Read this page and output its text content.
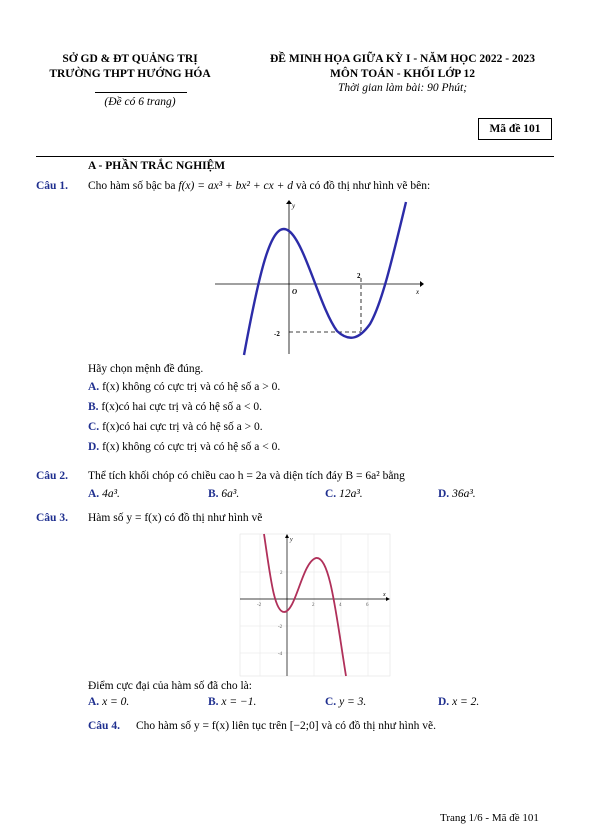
SỞ GD & ĐT QUẢNG TRỊ
TRƯỜNG THPT HƯỚNG HÓA
(Đề có 6 trang)
ĐỀ MINH HỌA GIỮA KỲ I - NĂM HỌC 2022 - 2023
MÔN TOÁN - KHỐI LỚP 12
Thời gian làm bài: 90 Phút;
Mã đề 101
A - PHẦN TRẮC NGHIỆM
Câu 1. Cho hàm số bậc ba f(x) = ax³ + bx² + cx + d và có đồ thị như hình vẽ bên:
y
x
O
2
-2
Hãy chọn mệnh đề đúng.
A. f(x) không có cực trị và có hệ số a > 0.
B. f(x)có hai cực trị và có hệ số a < 0.
C. f(x)có hai cực trị và có hệ số a > 0.
D. f(x) không có cực trị và có hệ số a < 0.
Câu 2. Thể tích khối chóp có chiều cao h = 2a và diện tích đáy B = 6a² bằng
A. 4a³.	B. 6a³.	C. 12a³.	D. 36a³.
Câu 3. Hàm số y = f(x) có đồ thị như hình vẽ
y
x
2
-2
-4
-2	2	4	6
Điểm cực đại của hàm số đã cho là:
A. x = 0.	B. x = −1.	C. y = 3.	D. x = 2.
Câu 4. Cho hàm số y = f(x) liên tục trên [−2;0] và có đồ thị như hình vẽ.
Trang 1/6 - Mã đề 101
